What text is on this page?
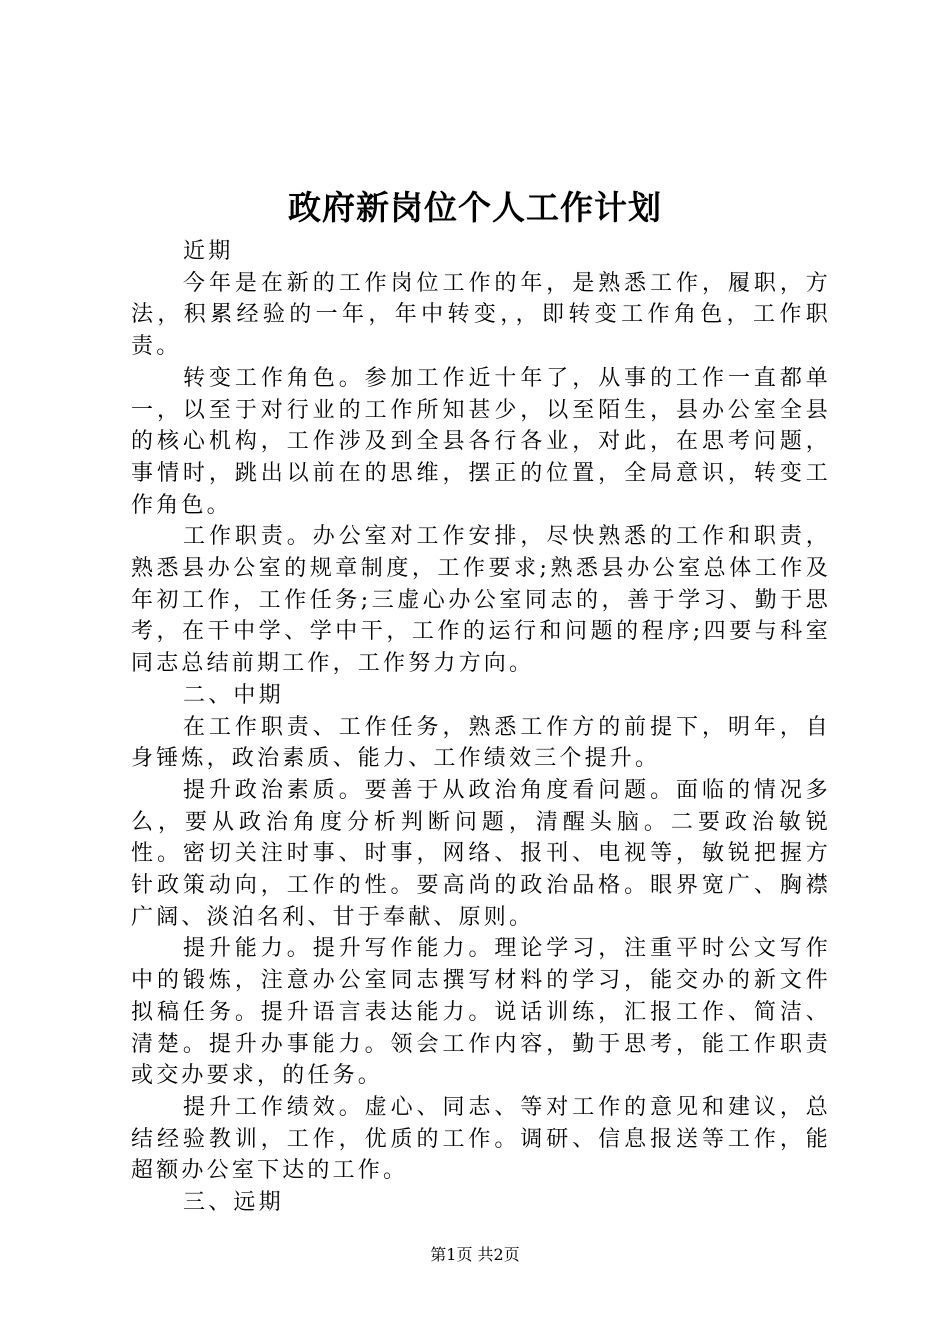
政府新岗位个人工作计划

近期

今年是在新的工作岗位工作的年，是熟悉工作，履职，方法，积累经验的一年，年中转变，，即转变工作角色，工作职责。

转变工作角色。参加工作近十年了，从事的工作一直都单一，以至于对行业的工作所知甚少，以至陌生，县办公室全县的核心机构，工作涉及到全县各行各业，对此，在思考问题，事情时，跳出以前在的思维，摆正的位置，全局意识，转变工作角色。

工作职责。办公室对工作安排，尽快熟悉的工作和职责，熟悉县办公室的规章制度，工作要求;熟悉县办公室总体工作及年初工作，工作任务;三虚心办公室同志的，善于学习、勤于思考，在干中学、学中干，工作的运行和问题的程序;四要与科室同志总结前期工作，工作努力方向。

二、中期

在工作职责、工作任务，熟悉工作方的前提下，明年，自身锤炼，政治素质、能力、工作绩效三个提升。

提升政治素质。要善于从政治角度看问题。面临的情况多么，要从政治角度分析判断问题，清醒头脑。二要政治敏锐性。密切关注时事、时事，网络、报刊、电视等，敏锐把握方针政策动向，工作的性。要高尚的政治品格。眼界宽广、胸襟广阔、淡泊名利、甘于奉献、原则。

提升能力。提升写作能力。理论学习，注重平时公文写作中的锻炼，注意办公室同志撰写材料的学习，能交办的新文件拟稿任务。提升语言表达能力。说话训练，汇报工作、简洁、清楚。提升办事能力。领会工作内容，勤于思考，能工作职责或交办要求，的任务。

提升工作绩效。虚心、同志、等对工作的意见和建议，总结经验教训，工作，优质的工作。调研、信息报送等工作，能超额办公室下达的工作。

三、远期

第1页 共2页
